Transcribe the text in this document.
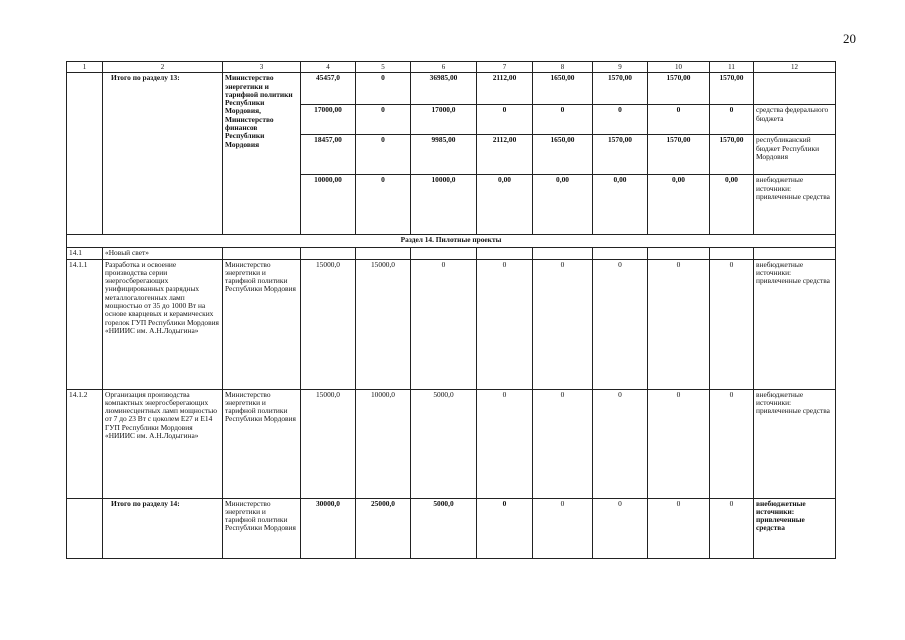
20
1	2	3	4	5	6	7	8	9	10	11	12
	Итого по разделу 13:	Министерство энергетики и тарифной политики Республики Мордовия, Министерство финансов Республики Мордовия	45457,0	0	36985,00	2112,00	1650,00	1570,00	1570,00	1570,00	
			17000,00	0	17000,0	0	0	0	0	0	средства федерального бюджета
			18457,00	0	9985,00	2112,00	1650,00	1570,00	1570,00	1570,00	республиканский бюджет Республики Мордовия
			10000,00	0	10000,0	0,00	0,00	0,00	0,00	0,00	внебюджетные источники: привлеченные средства
Раздел 14. Пилотные проекты											
14.1	«Новый свет»										
14.1.1	Разработка и освоение производства серии энергосберегающих унифицированных разрядных металлогалогенных ламп мощностью от 35 до 1000 Вт на основе кварцевых и керамических горелок ГУП Республики Мордовия «НИИИС им. А.Н.Лодыгина»	Министерство энергетики и тарифной политики Республики Мордовия	15000,0	15000,0	0	0	0	0	0	0	внебюджетные источники: привлеченные средства
14.1.2	Организация производства компактных энергосберегающих люминесцентных ламп мощностью от 7 до 23 Вт с цоколем Е27 и Е14 ГУП Республики Мордовия «НИИИС им. А.Н.Лодыгина»	Министерство энергетики и тарифной политики Республики Мордовия	15000,0	10000,0	5000,0	0	0	0	0	0	внебюджетные источники: привлеченные средства
	Итого по разделу 14:	Министерство энергетики и тарифной политики Республики Мордовия	30000,0	25000,0	5000,0	0	0	0	0	0	внебюджетные источники: привлеченные средства
